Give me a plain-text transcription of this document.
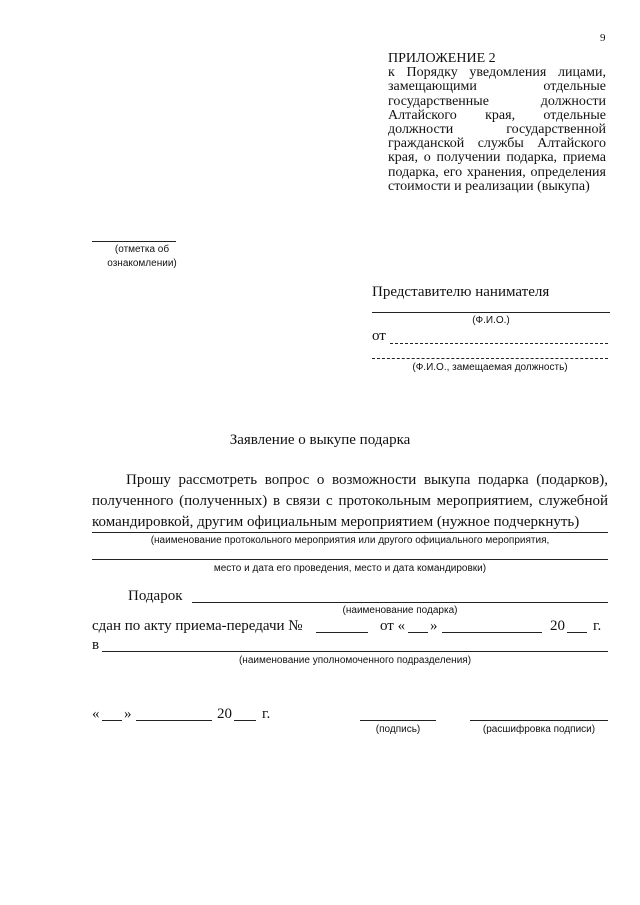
9
ПРИЛОЖЕНИЕ 2
к Порядку уведомления лицами, замещающими отдельные государственные должности Алтайского края, отдельные должности государственной гражданской службы Алтайского края, о получении подарка, приема подарка, его хранения, определения стоимости и реализации (выкупа)
(отметка об
ознакомлении)
Представителю нанимателя
(Ф.И.О.)
от
(Ф.И.О., замещаемая должность)
Заявление о выкупе подарка
Прошу рассмотреть вопрос о возможности выкупа подарка (подарков), полученного (полученных) в связи с протокольным мероприятием, служебной командировкой, другим официальным мероприятием (нужное подчеркнуть)
(наименование протокольного мероприятия или другого официального мероприятия,
место и дата его проведения, место и дата командировки)
Подарок
(наименование подарка)
сдан по акту приема-передачи №	от « »	20 г.
в
(наименование уполномоченного подразделения)
« »	20 г.
(подпись)	(расшифровка подписи)
